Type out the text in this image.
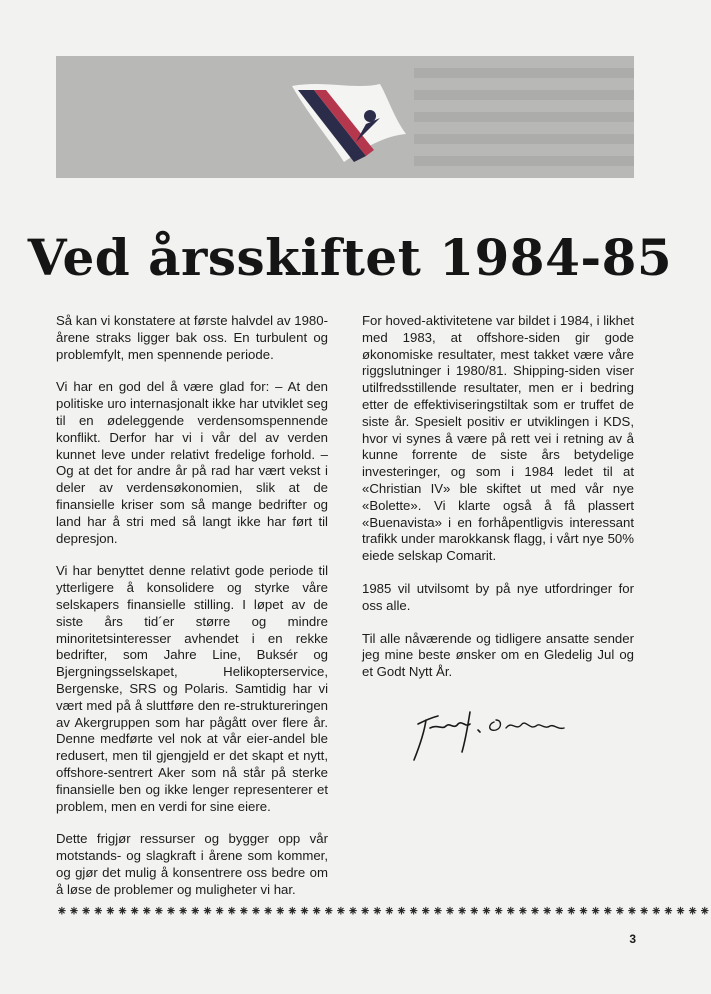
Ved årsskiftet 1984-85

Så kan vi konstatere at første halvdel av 1980-årene straks ligger bak oss. En turbulent og problemfylt, men spennende periode.

Vi har en god del å være glad for: – At den politiske uro internasjonalt ikke har utviklet seg til en ødeleggende verdensomspennende konflikt. Derfor har vi i vår del av verden kunnet leve under relativt fredelige forhold. – Og at det for andre år på rad har vært vekst i deler av verdensøkonomien, slik at de finansielle kriser som så mange bedrifter og land har å stri med så langt ikke har ført til depresjon.

Vi har benyttet denne relativt gode periode til ytterligere å konsolidere og styrke våre selskapers finansielle stilling. I løpet av de siste års tid´er større og mindre minoritetsinteresser avhendet i en rekke bedrifter, som Jahre Line, Buksér og Bjergningsselskapet, Helikopterservice, Bergenske, SRS og Polaris. Samtidig har vi vært med på å sluttføre den re-struktureringen av Akergruppen som har pågått over flere år. Denne medførte vel nok at vår eier-andel ble redusert, men til gjengjeld er det skapt et nytt, offshore-sentrert Aker som nå står på sterke finansielle ben og ikke lenger representerer et problem, men en verdi for sine eiere.

Dette frigjør ressurser og bygger opp vår motstands- og slagkraft i årene som kommer, og gjør det mulig å konsentrere oss bedre om å løse de problemer og muligheter vi har.

For hoved-aktivitetene var bildet i 1984, i likhet med 1983, at offshore-siden gir gode økonomiske resultater, mest takket være våre riggslutninger i 1980/81. Shipping-siden viser utilfredsstillende resultater, men er i bedring etter de effektiviseringstiltak som er truffet de siste år. Spesielt positiv er utviklingen i KDS, hvor vi synes å være på rett vei i retning av å kunne forrente de siste års betydelige investeringer, og som i 1984 ledet til at «Christian IV» ble skiftet ut med vår nye «Bolette». Vi klarte også å få plassert «Buenavista» i en forhåpentligvis interessant trafikk under marokkansk flagg, i vårt nye 50% eiede selskap Comarit.

1985 vil utvilsomt by på nye utfordringer for oss alle.

Til alle nåværende og tidligere ansatte sender jeg mine beste ønsker om en Gledelig Jul og et Godt Nytt År.

⁕⁕⁕⁕⁕⁕⁕⁕⁕⁕⁕⁕⁕⁕⁕⁕⁕⁕⁕⁕⁕⁕⁕⁕⁕⁕⁕⁕⁕⁕⁕⁕⁕⁕⁕⁕⁕⁕⁕⁕⁕⁕⁕⁕⁕⁕⁕⁕⁕⁕⁕⁕⁕⁕
3
